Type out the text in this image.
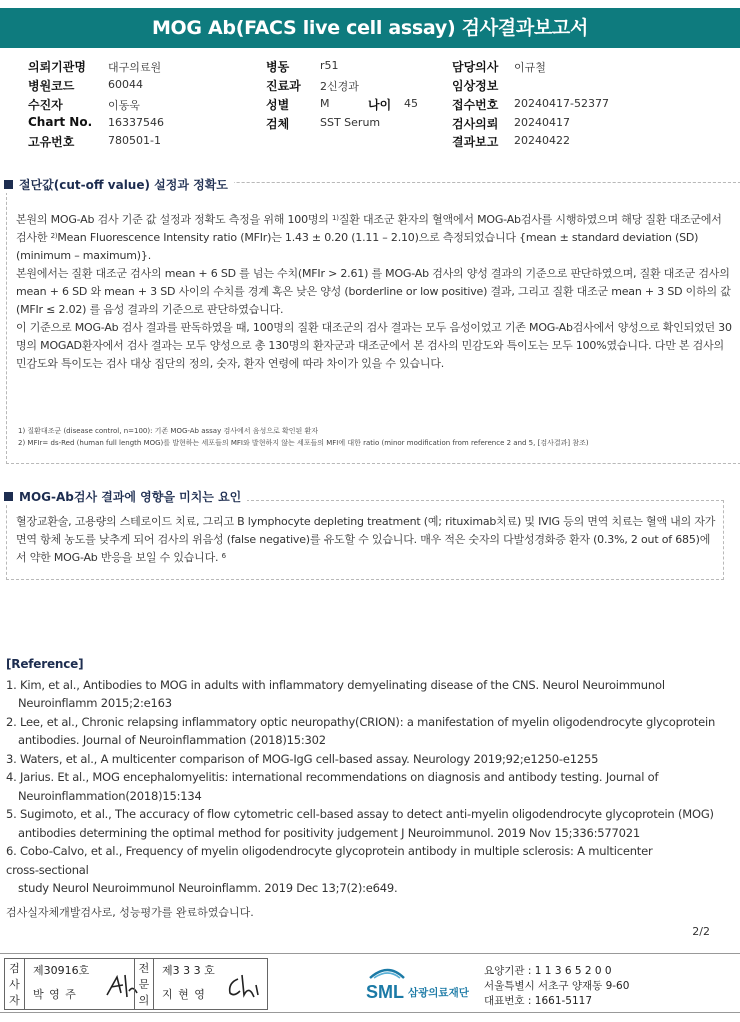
MOG Ab(FACS live cell assay) 검사결과보고서
의뢰기관명 대구의료원
병원코드	60044
수진자	이동욱
Chart No. 16337546
고유번호	780501-1
병동	r51
진료과 2신경과
성별	M	나이 45
검체	SST Serum
담당의사 이규철
임상정보
접수번호 20240417-52377
검사의뢰 20240417
결과보고 20240422
절단값(cut-off value) 설정과 정확도

본원의 MOG-Ab 검사 기준 값 설정과 정확도 측정을 위해 100명의 $^{1)}$질환 대조군 환자의 혈액에서 MOG-Ab검사를 시행하였으며 해당 질환 대조군에서 검사한 $^{2)}$Mean Fluorescence Intensity ratio (MFIr)는 1.43 ± 0.20 (1.11 – 2.10)으로 측정되었습니다 {mean ± standard deviation (SD) (minimum – maximum)}.

본원에서는 질환 대조군 검사의 mean + 6 SD 를 넘는 수치(MFIr > 2.61) 를 MOG-Ab 검사의 양성 결과의 기준으로 판단하였으며, 질환 대조군 검사의 mean + 6 SD 와 mean + 3 SD 사이의 수치를 경계 혹은 낮은 양성 (borderline or low positive) 결과, 그리고 질환 대조군 mean + 3 SD 이하의 값 (MFIr ≤ 2.02) 를 음성 결과의 기준으로 판단하였습니다.

이 기준으로 MOG-Ab 검사 결과를 판독하였을 때, 100명의 질환 대조군의 검사 결과는 모두 음성이었고 기존 MOG-Ab검사에서 양성으로 확인되었던 30명의 MOGAD환자에서 검사 결과는 모두 양성으로 총 130명의 환자군과 대조군에서 본 검사의 민감도와 특이도는 모두 100%였습니다. 다만 본 검사의 민감도와 특이도는 검사 대상 집단의 정의, 숫자, 환자 연령에 따라 차이가 있을 수 있습니다.

1) 질환대조군 (disease control, n=100): 기존 MOG-Ab assay 검사에서 음성으로 확인된 환자
2) MFIr= ds-Red (human full length MOG)를 발현하는 세포들의 MFI와 발현하지 않는 세포들의 MFI에 대한 ratio (minor modification from reference 2 and 5, [검사결과] 참조)
MOG-Ab검사 결과에 영향을 미치는 요인

혈장교환술, 고용량의 스테로이드 치료, 그리고 B lymphocyte depleting treatment (예; rituximab치료) 및 IVIG 등의 면역 치료는 혈액 내의 자가면역 항체 농도를 낮추게 되어 검사의 위음성 (false negative)를 유도할 수 있습니다. 매우 적은 숫자의 다발성경화증 환자 (0.3%, 2 out of 685)에서 약한 MOG-Ab 반응을 보일 수 있습니다. $^6$

[Reference]
1. Kim, et al., Antibodies to MOG in adults with inflammatory demyelinating disease of the CNS. Neurol Neuroimmunol
Neuroinflamm 2015;2:e163
2. Lee, et al., Chronic relapsing inflammatory optic neuropathy(CRION): a manifestation of myelin oligodendrocyte glycoprotein
antibodies. Journal of Neuroinflammation (2018)15:302
3. Waters, et al., A multicenter comparison of MOG-IgG cell-based assay. Neurology 2019;92;e1250-e1255
4. Jarius. Et al., MOG encephalomyelitis: international recommendations on diagnosis and antibody testing. Journal of
Neuroinflammation(2018)15:134
5. Sugimoto, et al., The accuracy of flow cytometric cell-based assay to detect anti-myelin oligodendrocyte glycoprotein (MOG)
antibodies determining the optimal method for positivity judgement J Neuroimmunol. 2019 Nov 15;336:577021
6. Cobo-Calvo, et al., Frequency of myelin oligodendrocyte glycoprotein antibody in multiple sclerosis: A multicenter
cross-sectional
study Neurol Neuroimmunol Neuroinflamm. 2019 Dec 13;7(2):e649.
검사실자체개발검사로, 성능평가를 완료하였습니다.
2/2
검
사
자
제30916호
박 영 주
전
문
의
제3 3 3 호
지 현 영	SML 삼광의료재단
요양기관 : 1 1 3 6 5 2 0 0
서울특별시 서초구 양재동 9-60
대표번호 : 1661-5117
